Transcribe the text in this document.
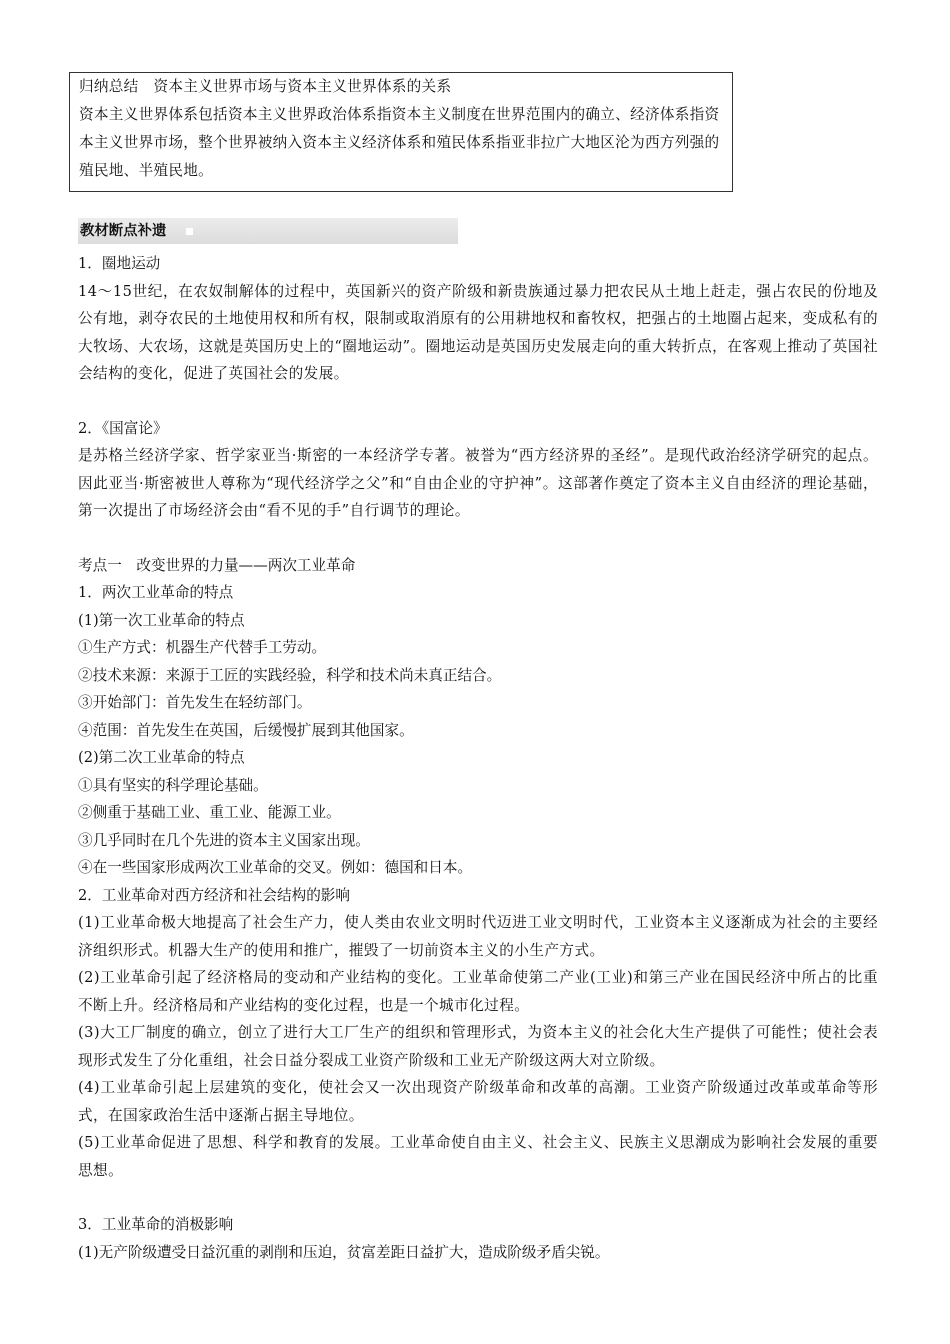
归纳总结　资本主义世界市场与资本主义世界体系的关系

资本主义世界体系包括资本主义世界政治体系指资本主义制度在世界范围内的确立、经济体系指资本主义世界市场，整个世界被纳入资本主义经济体系和殖民体系指亚非拉广大地区沦为西方列强的殖民地、半殖民地。

教材断点补遗

1．圈地运动

14～15世纪，在农奴制解体的过程中，英国新兴的资产阶级和新贵族通过暴力把农民从土地上赶走，强占农民的份地及公有地，剥夺农民的土地使用权和所有权，限制或取消原有的公用耕地权和畜牧权，把强占的土地圈占起来，变成私有的大牧场、大农场，这就是英国历史上的“圈地运动”。圈地运动是英国历史发展走向的重大转折点，在客观上推动了英国社会结构的变化，促进了英国社会的发展。

2．《国富论》

是苏格兰经济学家、哲学家亚当·斯密的一本经济学专著。被誉为“西方经济界的圣经”。是现代政治经济学研究的起点。因此亚当·斯密被世人尊称为“现代经济学之父”和“自由企业的守护神”。这部著作奠定了资本主义自由经济的理论基础，第一次提出了市场经济会由“看不见的手”自行调节的理论。

考点一　改变世界的力量——两次工业革命

1．两次工业革命的特点

(1)第一次工业革命的特点

①生产方式：机器生产代替手工劳动。

②技术来源：来源于工匠的实践经验，科学和技术尚未真正结合。

③开始部门：首先发生在轻纺部门。

④范围：首先发生在英国，后缓慢扩展到其他国家。

(2)第二次工业革命的特点

①具有坚实的科学理论基础。

②侧重于基础工业、重工业、能源工业。

③几乎同时在几个先进的资本主义国家出现。

④在一些国家形成两次工业革命的交叉。例如：德国和日本。

2．工业革命对西方经济和社会结构的影响

(1)工业革命极大地提高了社会生产力，使人类由农业文明时代迈进工业文明时代，工业资本主义逐渐成为社会的主要经济组织形式。机器大生产的使用和推广，摧毁了一切前资本主义的小生产方式。

(2)工业革命引起了经济格局的变动和产业结构的变化。工业革命使第二产业(工业)和第三产业在国民经济中所占的比重不断上升。经济格局和产业结构的变化过程，也是一个城市化过程。

(3)大工厂制度的确立，创立了进行大工厂生产的组织和管理形式，为资本主义的社会化大生产提供了可能性；使社会表现形式发生了分化重组，社会日益分裂成工业资产阶级和工业无产阶级这两大对立阶级。

(4)工业革命引起上层建筑的变化，使社会又一次出现资产阶级革命和改革的高潮。工业资产阶级通过改革或革命等形式，在国家政治生活中逐渐占据主导地位。

(5)工业革命促进了思想、科学和教育的发展。工业革命使自由主义、社会主义、民族主义思潮成为影响社会发展的重要思想。

3．工业革命的消极影响

(1)无产阶级遭受日益沉重的剥削和压迫，贫富差距日益扩大，造成阶级矛盾尖锐。
